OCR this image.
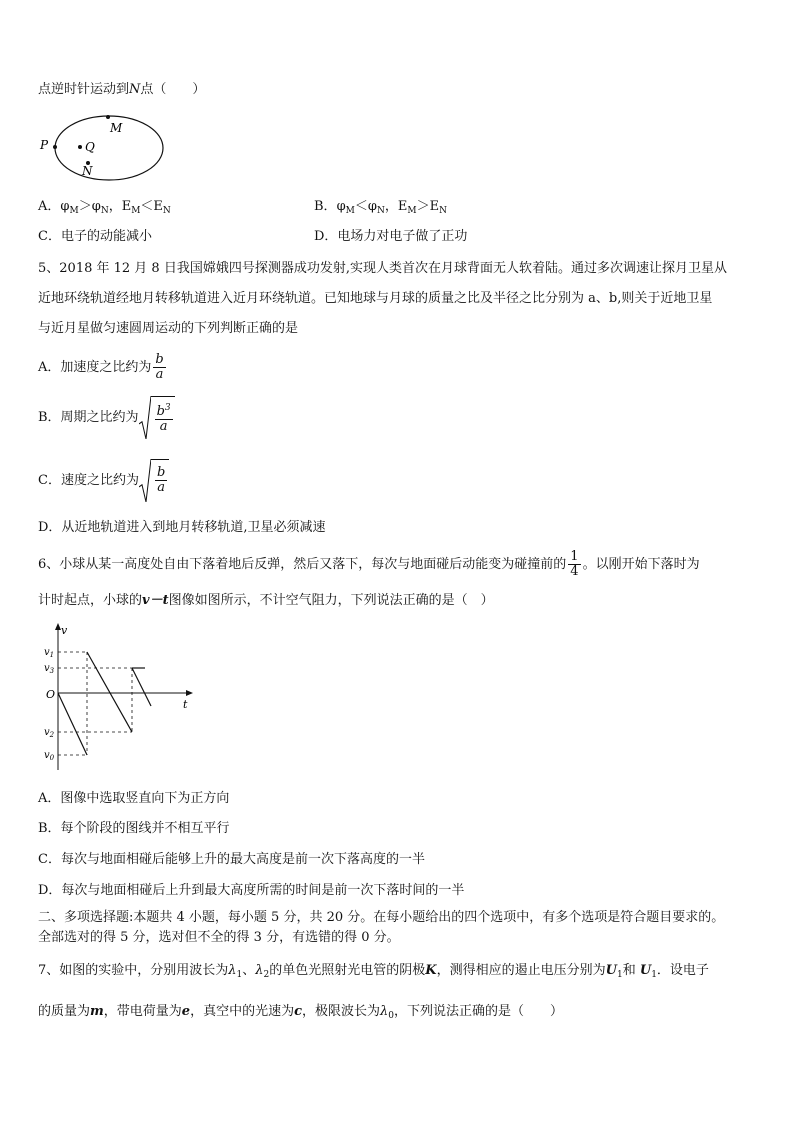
点逆时针运动到N点（　　）
P	Q
M
N
A．$\varphi_M>\varphi_N$，$E_M<E_N$	B．$\varphi_M<\varphi_N$，$E_M>E_N$
C．电子的动能减小	D．电场力对电子做了正功
5、2018 年 12 月 8 日我国嫦娥四号探测器成功发射,实现人类首次在月球背面无人软着陆。通过多次调速让探月卫星从
近地环绕轨道经地月转移轨道进入近月环绕轨道。已知地球与月球的质量之比及半径之比分别为 a、b,则关于近地卫星
与近月星做匀速圆周运动的下列判断正确的是
A．加速度之比约为 $\frac{b}{a}$
B．周期之比约为 $\frac{b^3}{a}$
C．速度之比约为 $\frac{b}{a}$
D．从近地轨道进入到地月转移轨道,卫星必须减速
6、小球从某一高度处自由下落着地后反弹，然后又落下，每次与地面碰后动能变为碰撞前的 $\frac{1}{4}$ 。以刚开始下落时为
计时起点，小球的v－t图像如图所示，不计空气阻力，下列说法正确的是（　）
v
t
O
$v_1$
$v_3$
$v_2$
$v_0$
A．图像中选取竖直向下为正方向
B．每个阶段的图线并不相互平行
C．每次与地面相碰后能够上升的最大高度是前一次下落高度的一半
D．每次与地面相碰后上升到最大高度所需的时间是前一次下落时间的一半
二、多项选择题:本题共 4 小题，每小题 5 分，共 20 分。在每小题给出的四个选项中，有多个选项是符合题目要求的。
全部选对的得 5 分，选对但不全的得 3 分，有选错的得 0 分。
7、如图的实验中，分别用波长为$\lambda_1$、$\lambda_2$的单色光照射光电管的阴极K，测得相应的遏止电压分别为$U_1$和 $U_1$．设电子
的质量为m，带电荷量为e，真空中的光速为c，极限波长为$\lambda_0$，下列说法正确的是（　　）
